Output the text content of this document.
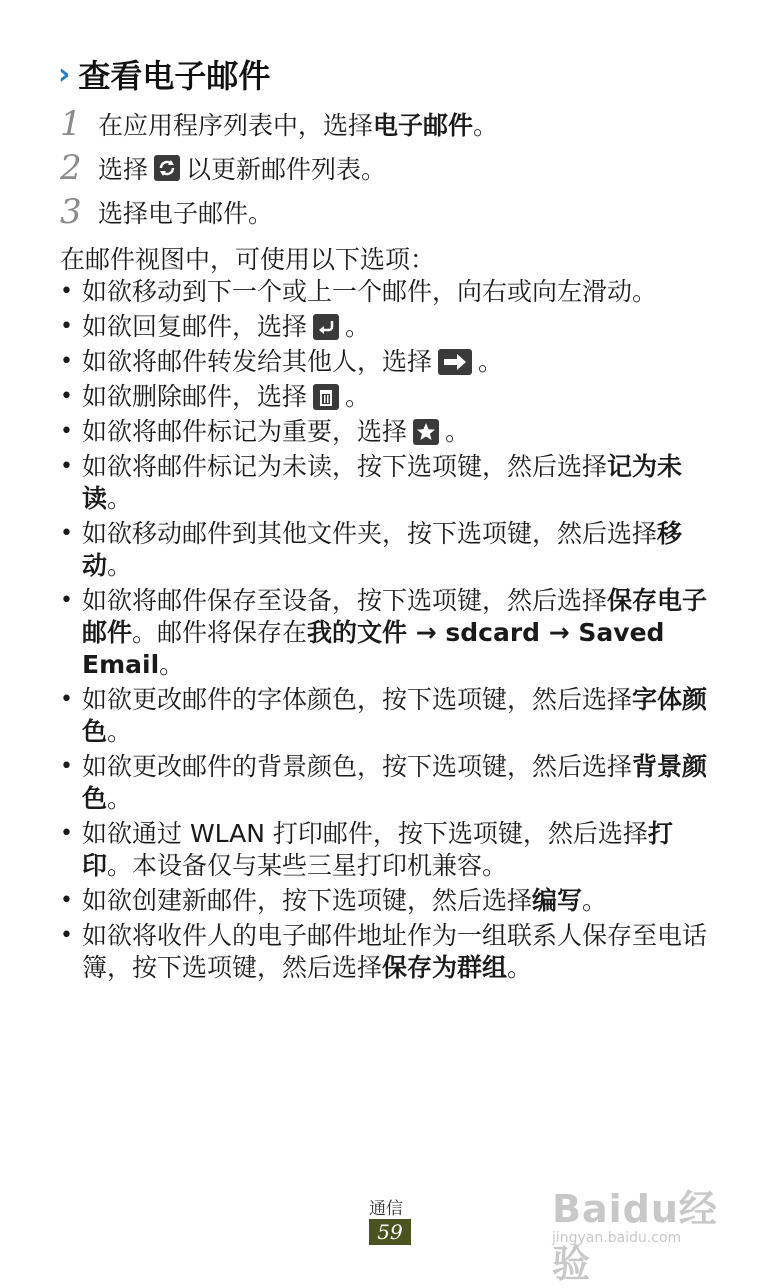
› 查看电子邮件
1 在应用程序列表中，选择 电子邮件 。
2 选择 以更新邮件列表。
3 选择电子邮件。
在邮件视图中，可使用以下选项：
• 如欲移动到下一个或上一个邮件，向右或向左滑动。
• 如欲回复邮件，选择 。
• 如欲将邮件转发给其他人，选择 。
• 如欲删除邮件，选择 。
• 如欲将邮件标记为重要，选择 。
• 如欲将邮件标记为未读，按下选项键，然后选择记为未读。
• 如欲移动邮件到其他文件夹，按下选项键，然后选择移动。
• 如欲将邮件保存至设备，按下选项键，然后选择保存电子邮件。邮件将保存在我的文件 → sdcard → Saved Email。
• 如欲更改邮件的字体颜色，按下选项键，然后选择字体颜色。
• 如欲更改邮件的背景颜色，按下选项键，然后选择背景颜色。
• 如欲通过 WLAN 打印邮件，按下选项键，然后选择打印。本设备仅与某些三星打印机兼容。
• 如欲创建新邮件，按下选项键，然后选择编写。
• 如欲将收件人的电子邮件地址作为一组联系人保存至电话簿，按下选项键，然后选择保存为群组。
通信
59
Baidu经验
jingyan.baidu.com
